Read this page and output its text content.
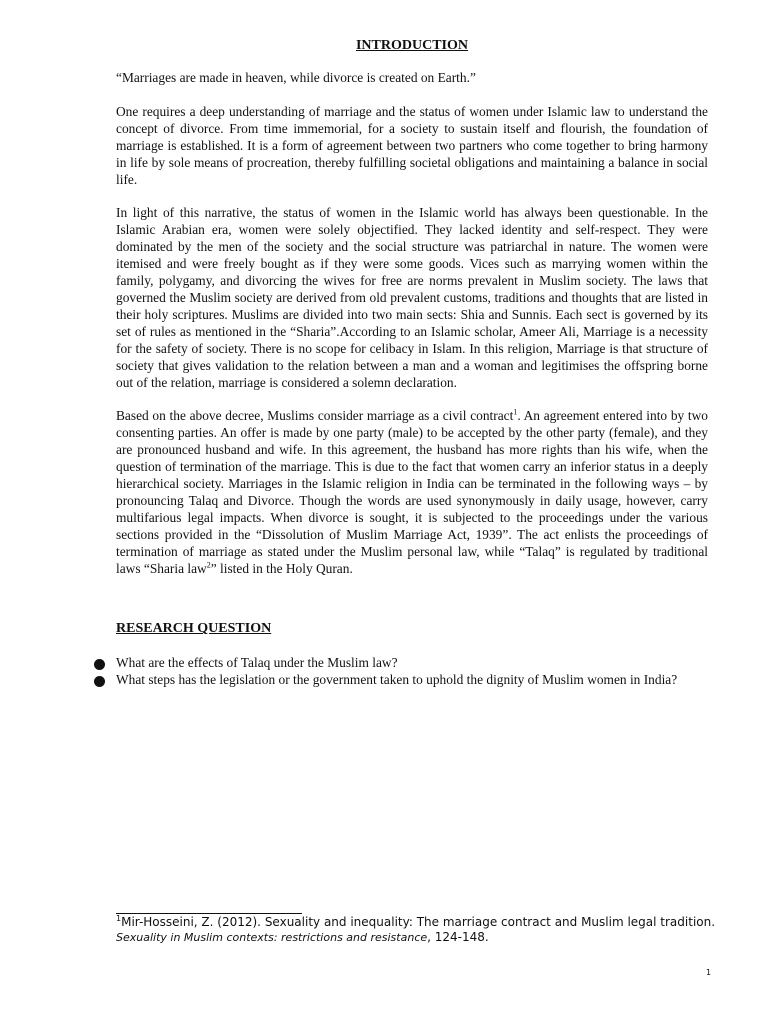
INTRODUCTION

“Marriages are made in heaven, while divorce is created on Earth.”

One requires a deep understanding of marriage and the status of women under Islamic law to understand the concept of divorce. From time immemorial, for a society to sustain itself and flourish, the foundation of marriage is established. It is a form of agreement between two partners who come together to bring harmony in life by sole means of procreation, thereby fulfilling societal obligations and maintaining a balance in social life.

In light of this narrative, the status of women in the Islamic world has always been questionable. In the Islamic Arabian era, women were solely objectified. They lacked identity and self-respect. They were dominated by the men of the society and the social structure was patriarchal in nature. The women were itemised and were freely bought as if they were some goods. Vices such as marrying women within the family, polygamy, and divorcing the wives for free are norms prevalent in Muslim society. The laws that governed the Muslim society are derived from old prevalent customs, traditions and thoughts that are listed in their holy scriptures. Muslims are divided into two main sects: Shia and Sunnis. Each sect is governed by its set of rules as mentioned in the “Sharia”.According to an Islamic scholar, Ameer Ali, Marriage is a necessity for the safety of society. There is no scope for celibacy in Islam. In this religion, Marriage is that structure of society that gives validation to the relation between a man and a woman and legitimises the offspring borne out of the relation, marriage is considered a solemn declaration.

Based on the above decree, Muslims consider marriage as a civil contract$^1$. An agreement entered into by two consenting parties. An offer is made by one party (male) to be accepted by the other party (female), and they are pronounced husband and wife. In this agreement, the husband has more rights than his wife, when the question of termination of the marriage. This is due to the fact that women carry an inferior status in a deeply hierarchical society. Marriages in the Islamic religion in India can be terminated in the following ways – by pronouncing Talaq and Divorce. Though the words are used synonymously in daily usage, however, carry multifarious legal impacts. When divorce is sought, it is subjected to the proceedings under the various sections provided in the “Dissolution of Muslim Marriage Act, 1939”. The act enlists the proceedings of termination of marriage as stated under the Muslim personal law, while “Talaq” is regulated by traditional laws “Sharia law$^2$” listed in the Holy Quran.

RESEARCH QUESTION
What are the effects of Talaq under the Muslim law?
What steps has the legislation or the government taken to uphold the dignity of Muslim women in India?
$^1$Mir-Hosseini, Z. (2012). Sexuality and inequality: The marriage contract and Muslim legal tradition.
Sexuality in Muslim contexts: restrictions and resistance, 124-148.
1
